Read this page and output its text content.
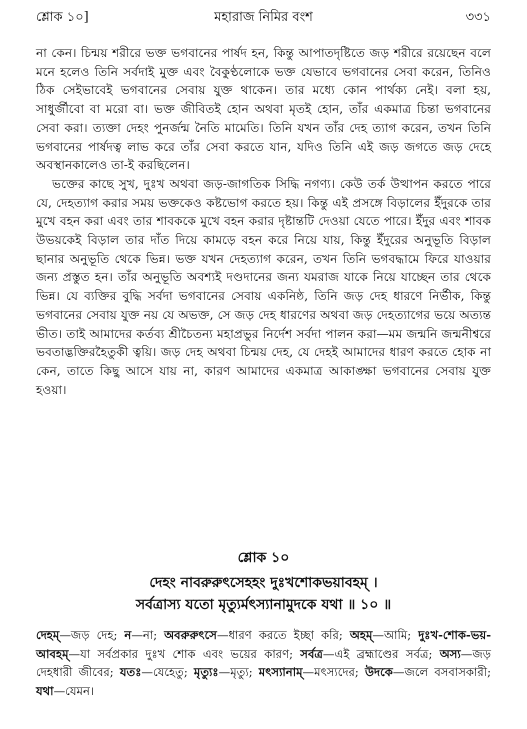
শ্লোক ১০]	মহারাজ নিমির বংশ	৩৩১

না কেন। চিন্ময় শরীরে ভক্ত ভগবানের পার্ষদ হন, কিন্তু আপাতদৃষ্টিতে জড় শরীরে রয়েছেন বলে মনে হলেও তিনি সর্বদাই মুক্ত এবং বৈকুণ্ঠলোকে ভক্ত যেভাবে ভগবানের সেবা করেন, তিনিও ঠিক সেইভাবেই ভগবানের সেবায় যুক্ত থাকেন। তার মধ্যে কোন পার্থক্য নেই। বলা হয়, সাধুর্জীবো বা মরো বা। ভক্ত জীবিতই হোন অথবা মৃতই হোন, তাঁর একমাত্র চিন্তা ভগবানের সেবা করা। ত্যক্তা দেহং পুনর্জন্ম নৈতি মামেতি। তিনি যখন তাঁর দেহ ত্যাগ করেন, তখন তিনি ভগবানের পার্ষদত্ব লাভ করে তাঁর সেবা করতে যান, যদিও তিনি এই জড় জগতে জড় দেহে অবস্থানকালেও তা-ই করছিলেন।

ভক্তের কাছে সুখ, দুঃখ অথবা জড়-জাগতিক সিদ্ধি নগণ্য। কেউ তর্ক উত্থাপন করতে পারে যে, দেহত্যাগ করার সময় ভক্তকেও কষ্টভোগ করতে হয়। কিন্তু এই প্রসঙ্গে বিড়ালের ইঁদুরকে তার মুখে বহন করা এবং তার শাবককে মুখে বহন করার দৃষ্টান্তটি দেওয়া যেতে পারে। ইঁদুর এবং শাবক উভয়কেই বিড়াল তার দাঁত দিয়ে কামড়ে বহন করে নিয়ে যায়, কিন্তু ইঁদুরের অনুভূতি বিড়াল ছানার অনুভূতি থেকে ভিন্ন। ভক্ত যখন দেহত্যাগ করেন, তখন তিনি ভগবদ্ধামে ফিরে যাওয়ার জন্য প্রস্তুত হন। তাঁর অনুভূতি অবশ্যই দণ্ডদানের জন্য যমরাজ যাকে নিয়ে যাচ্ছেন তার থেকে ভিন্ন। যে ব্যক্তির বুদ্ধি সর্বদা ভগবানের সেবায় একনিষ্ঠ, তিনি জড় দেহ ধারণে নির্ভীক, কিন্তু ভগবানের সেবায় যুক্ত নয় যে অভক্ত, সে জড় দেহ ধারণের অথবা জড় দেহত্যাগের ভয়ে অত্যন্ত ভীত। তাই আমাদের কর্তব্য শ্রীচৈতন্য মহাপ্রভুর নির্দেশ সর্বদা পালন করা—মম জন্মনি জন্মনীশ্বরে ভবতাদ্ভক্তিরহৈতুকী ত্বয়ি। জড় দেহ অথবা চিন্ময় দেহ, যে দেহই আমাদের ধারণ করতে হোক না কেন, তাতে কিছু আসে যায় না, কারণ আমাদের একমাত্র আকাঙ্ক্ষা ভগবানের সেবায় যুক্ত হওয়া।

শ্লোক ১০
দেহং নাবরুরুৎসেহহং দুঃখশোকভয়াবহম্‌ ।
সর্বত্রাস্য যতো মৃত্যুর্মৎস্যানামুদকে যথা ॥ ১০ ॥
দেহম্‌—জড় দেহ; ন—না; অবরুরুৎসে—ধারণ করতে ইচ্ছা করি; অহম্‌—আমি; দুঃখ-শোক-ভয়-আবহম্‌—যা সর্বপ্রকার দুঃখ শোক এবং ভয়ের কারণ; সর্বত্র—এই ব্রহ্মাণ্ডের সর্বত্র; অস্য—জড় দেহধারী জীবের; যতঃ—যেহেতু; মৃত্যুঃ—মৃত্যু; মৎস্যানাম্‌—মৎস্যদের; উদকে—জলে বসবাসকারী; যথা—যেমন।
